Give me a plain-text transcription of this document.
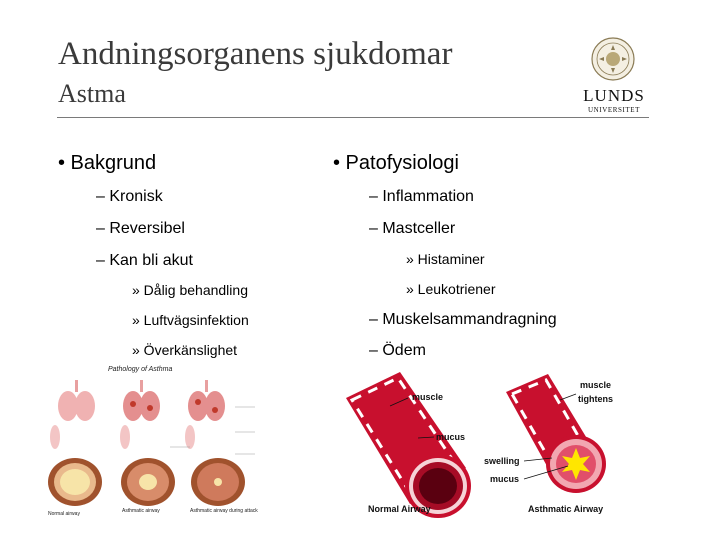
Andningsorganens sjukdomar
Astma	LUNDS
UNIVERSITET
• Bakgrund
– Kronisk
– Reversibel
– Kan bli akut
» Dålig behandling
» Luftvägsinfektion
» Överkänslighet
• Patofysiologi
– Inflammation
– Mastceller
» Histaminer
» Leukotriener
– Muskelsammandragning
– Ödem
Pathology of Asthma
Normal airway	Asthmatic airway	Asthmatic airway during attack
muscle
mucus
Normal Airway
muscle
tightens
swelling
mucus
Asthmatic Airway
